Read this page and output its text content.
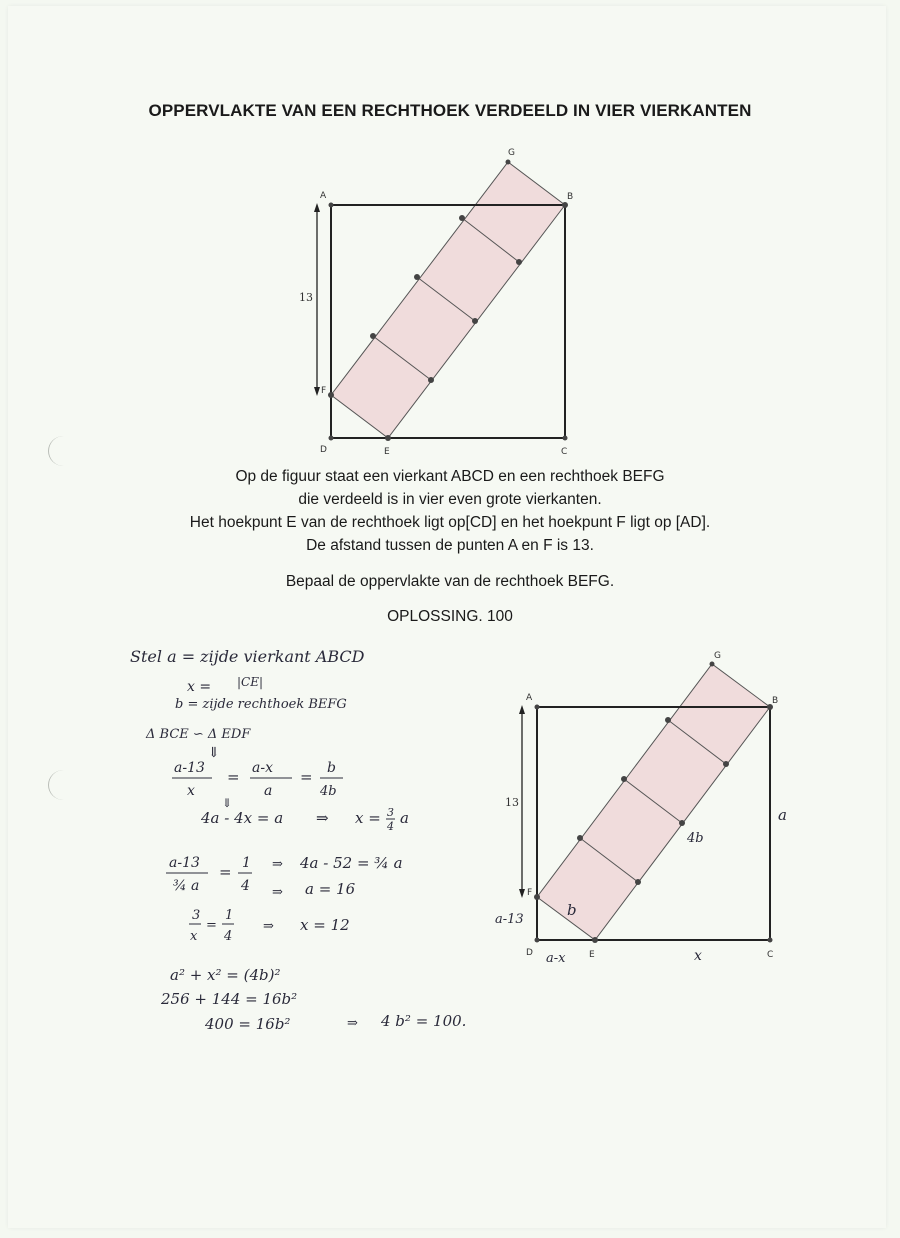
OPPERVLAKTE VAN EEN RECHTHOEK VERDEELD IN VIER VIERKANTEN
A	B
C
D	E
F
G
13
Op de figuur staat een vierkant ABCD en een rechthoek BEFG
die verdeeld is in vier even grote vierkanten.
Het hoekpunt E van de rechthoek ligt op[CD] en het hoekpunt F ligt op [AD].
De afstand tussen de punten A en F is 13.
Bepaal de oppervlakte van de rechthoek BEFG.
OPLOSSING. 100
A	B
C
D	E
F
G
13
a
4b
b
a-13
a-x	x
Stel a = zijde vierkant ABCD
|CE|
x =
b = zijde rechthoek BEFG
Δ BCE ∽ Δ EDF
⇓
a-13
x
= a-x
a
= b
4b
⇓
4a - 4x = a ⇒ x = 3
4 a
a-13
¾ a
= 1
4
⇒ 4a - 52 = ¾ a
⇒ a = 16
3
x
=
1
4
⇒ x = 12
a² + x² = (4b)²
256 + 144 = 16b²
400 = 16b²	⇒ 4 b² = 100.
